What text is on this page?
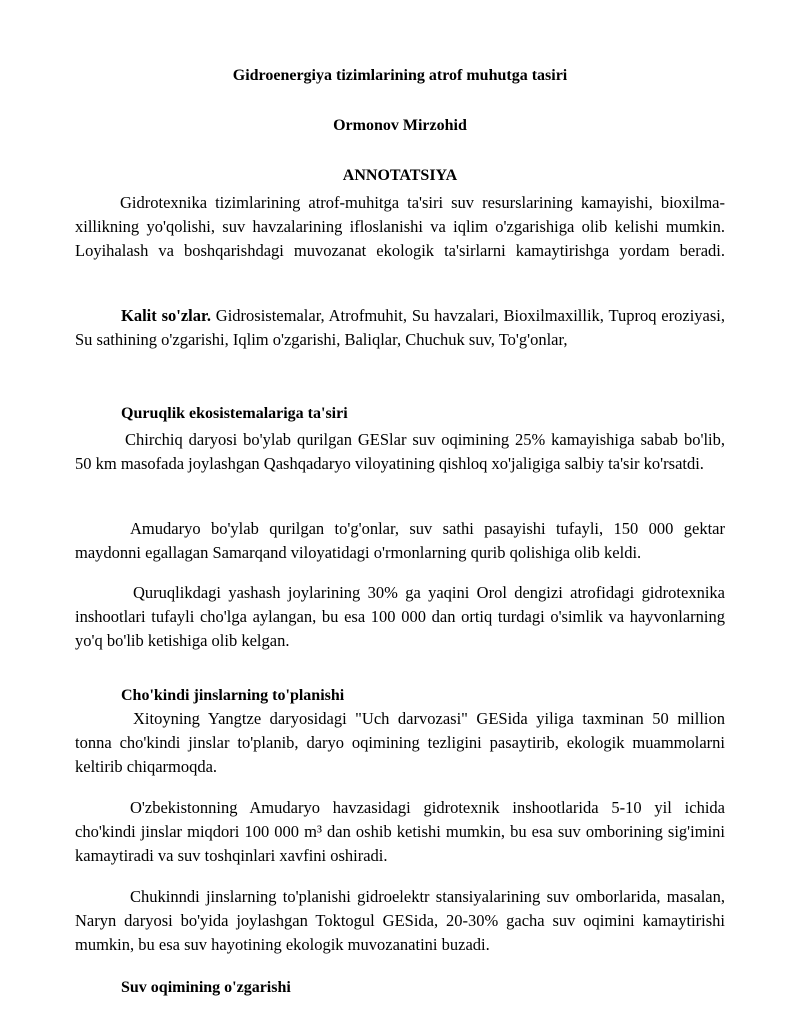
Gidroenergiya tizimlarining atrof muhutga tasiri
Ormonov Mirzohid
ANNOTATSIYA

Gidrotexnika tizimlarining atrof-muhitga ta'siri suv resurslarining kamayishi, bioxilma-xillikning yo'qolishi, suv havzalarining ifloslanishi va iqlim o'zgarishiga olib kelishi mumkin. Loyihalash va boshqarishdagi muvozanat ekologik ta'sirlarni kamaytirishga yordam beradi.

Kalit so'zlar. Gidrosistemalar, Atrofmuhit, Su havzalari, Bioxilmaxillik, Tuproq eroziyasi, Su sathining o'zgarishi, Iqlim o'zgarishi, Baliqlar, Chuchuk suv, To'g'onlar,

Quruqlik ekosistemalariga ta'siri

Chirchiq daryosi bo'ylab qurilgan GESlar suv oqimining 25% kamayishiga sabab bo'lib, 50 km masofada joylashgan Qashqadaryo viloyatining qishloq xo'jaligiga salbiy ta'sir ko'rsatdi.

Amudaryo bo'ylab qurilgan to'g'onlar, suv sathi pasayishi tufayli, 150 000 gektar maydonni egallagan Samarqand viloyatidagi o'rmonlarning qurib qolishiga olib keldi.

Quruqlikdagi yashash joylarining 30% ga yaqini Orol dengizi atrofidagi gidrotexnika inshootlari tufayli cho'lga aylangan, bu esa 100 000 dan ortiq turdagi o'simlik va hayvonlarning yo'q bo'lib ketishiga olib kelgan.

Cho'kindi jinslarning to'planishi

Xitoyning Yangtze daryosidagi "Uch darvozasi" GESida yiliga taxminan 50 million tonna cho'kindi jinslar to'planib, daryo oqimining tezligini pasaytirib, ekologik muammolarni keltirib chiqarmoqda.

O'zbekistonning Amudaryo havzasidagi gidrotexnik inshootlarida 5-10 yil ichida cho'kindi jinslar miqdori 100 000 m³ dan oshib ketishi mumkin, bu esa suv omborining sig'imini kamaytiradi va suv toshqinlari xavfini oshiradi.

Chukinndi jinslarning to'planishi gidroelektr stansiyalarining suv omborlarida, masalan, Naryn daryosi bo'yida joylashgan Toktogul GESida, 20-30% gacha suv oqimini kamaytirishi mumkin, bu esa suv hayotining ekologik muvozanatini buzadi.

Suv oqimining o'zgarishi
